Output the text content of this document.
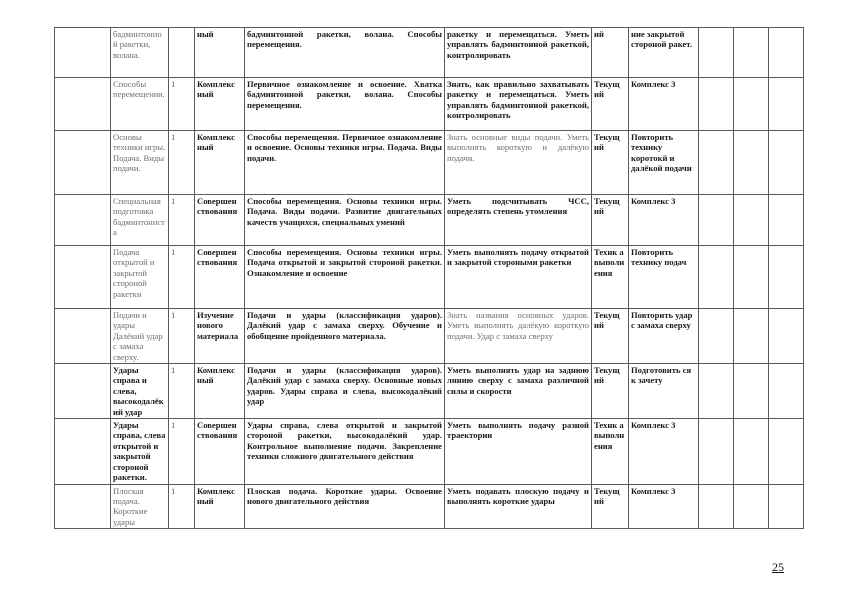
	бадминтонной ракетки, волана.		ный	бадминтонной ракетки, волана. Способы перемещения.	ракетку и перемещаться. Уметь управлять бадминтонной ракеткой, контролировать	ий	ние закрытой стороной ракет.			
	Способы перемещения.	1	Комплекс ный	Первичное ознакомление и освоение. Хватка бадминтонной ракетки, волана. Способы перемещения.	Знать, как правильно захватывать ракетку и перемещаться. Уметь управлять бадминтонной ракеткой, контролировать	Текущ ий	Комплекс 3			
	Основы техники игры. Подача. Виды подачи.	1	Комплекс ный	Способы перемещения. Первичное ознакомление и освоение. Основы техники игры. Подача. Виды подачи.	Знать основные виды подачи. Уметь выполнять короткую и далёкую подачи.	Текущ ий	Повторить технику коротокй и далёкой подачи			
	Специальная подготовка бадминтониста	1	Совершен ствования	Способы перемещения. Основы техники игры. Подача. Виды подачи. Развитие двигательных качеств учащихся, специальных умений	Уметь подсчитывать ЧСС, определять степень утомления	Текущ ий	Комплекс 3			
	Подача открытой и закрытой стороной ракетки	1	Совершен ствования	Способы перемещения. Основы техники игры. Подача открытой и закрытой стороной ракетки. Ознакомление и освоение	Уметь выполнять подачу открытой и закрытой стороными ракетки	Технк а выполн ения	Повторить технику подач			
	Подачи и удары Далёкий удар с замаха сверху.	1	Изучение нового материала	Подачи и удары (классификация ударов). Далёкий удар с замаха сверху. Обучение и обобщение пройденного материала.	Знать названия основных ударов. Уметь выполнять далёкую короткую подачи. Удар с замаха сверху	Текущ ий	Повторить удар с замаха сверху			
	Удары справа и слева, высокодалёкий удар	1	Комплекс ный	Подачи и удары (классификация ударов). Далёкий удар с замаха сверху. Основные новых ударов. Удары справа и слева, высокодалёкий удар	Уметь выполнять удар на заднюю линию сверху с замаха различной силы и скорости	Текущ ий	Подготовить ся к зачету			
	Удары справа, слева открытой и закрытой стороной ракетки.	1	Совершен ствования	Удары справа, слева открытой и закрытой стороной ракетки, высокодалёкий удар. Контрольное выполнение подачи. Закрепление техники сложного двигательного действия	Уметь выполнять подачу разной траектории	Технк а выполн ения	Комплекс 3			
	Плоская подача. Короткие удары	1	Комплекс ный	Плоская подача. Короткие удары. Освоение нового двигательного действия	Уметь подавать плоскую подачу и выполнять короткие удары	Текущ ий	Комплекс 3			
25
